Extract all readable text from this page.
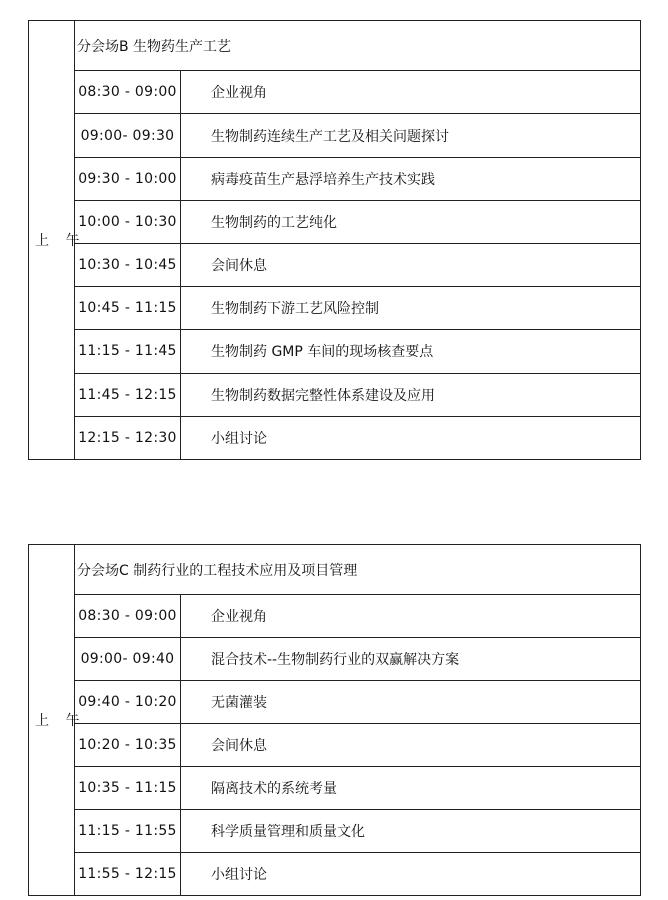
上 午	分会场B 生物药生产工艺	
	08:30 - 09:00	企业视角
	09:00- 09:30	生物制药连续生产工艺及相关问题探讨
	09:30 - 10:00	病毒疫苗生产悬浮培养生产技术实践
	10:00 - 10:30	生物制药的工艺纯化
	10:30 - 10:45	会间休息
	10:45 - 11:15	生物制药下游工艺风险控制
	11:15 - 11:45	生物制药 GMP 车间的现场核查要点
	11:45 - 12:15	生物制药数据完整性体系建设及应用
	12:15 - 12:30	小组讨论
上 午	分会场C 制药行业的工程技术应用及项目管理	
	08:30 - 09:00	企业视角
	09:00- 09:40	混合技术--生物制药行业的双赢解决方案
	09:40 - 10:20	无菌灌装
	10:20 - 10:35	会间休息
	10:35 - 11:15	隔离技术的系统考量
	11:15 - 11:55	科学质量管理和质量文化
	11:55 - 12:15	小组讨论
